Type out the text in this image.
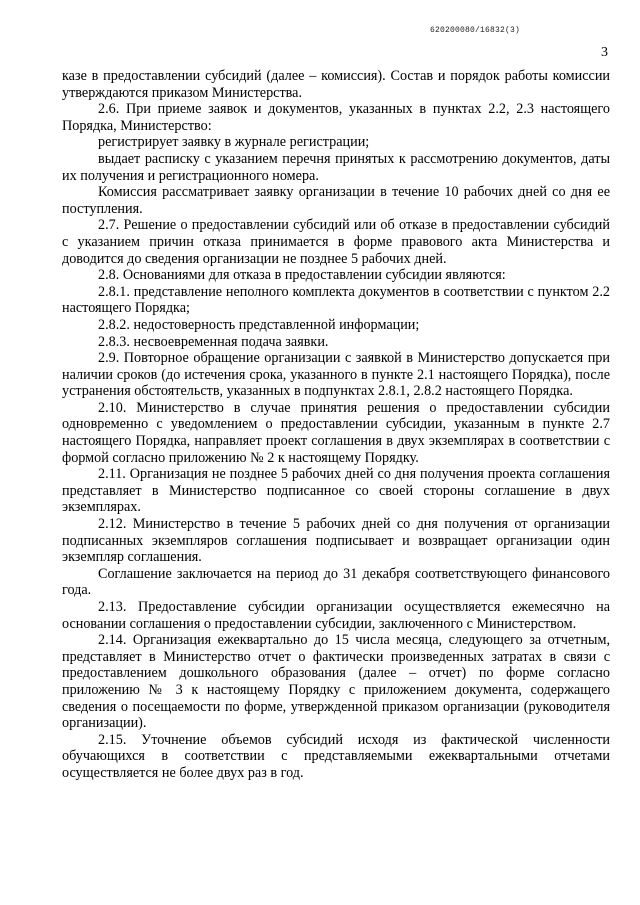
620200080/16832(3)
3

казе в предоставлении субсидий (далее – комиссия). Состав и порядок работы комиссии утверждаются приказом Министерства.

2.6. При приеме заявок и документов, указанных в пунктах 2.2, 2.3 настоящего Порядка, Министерство:

регистрирует заявку в журнале регистрации;

выдает расписку с указанием перечня принятых к рассмотрению документов, даты их получения и регистрационного номера.

Комиссия рассматривает заявку организации в течение 10 рабочих дней со дня ее поступления.

2.7. Решение о предоставлении субсидий или об отказе в предоставлении субсидий с указанием причин отказа принимается в форме правового акта Министерства и доводится до сведения организации не позднее 5 рабочих дней.

2.8. Основаниями для отказа в предоставлении субсидии являются:

2.8.1. представление неполного комплекта документов в соответствии с пунктом 2.2 настоящего Порядка;

2.8.2. недостоверность представленной информации;

2.8.3. несвоевременная подача заявки.

2.9. Повторное обращение организации с заявкой в Министерство допускается при наличии сроков (до истечения срока, указанного в пункте 2.1 настоящего Порядка), после устранения обстоятельств, указанных в подпунктах 2.8.1, 2.8.2 настоящего Порядка.

2.10. Министерство в случае принятия решения о предоставлении субсидии одновременно с уведомлением о предоставлении субсидии, указанным в пункте 2.7 настоящего Порядка, направляет проект соглашения в двух экземплярах в соответствии с формой согласно приложению № 2 к настоящему Порядку.

2.11. Организация не позднее 5 рабочих дней со дня получения проекта соглашения представляет в Министерство подписанное со своей стороны соглашение в двух экземплярах.

2.12. Министерство в течение 5 рабочих дней со дня получения от организации подписанных экземпляров соглашения подписывает и возвращает организации один экземпляр соглашения.

Соглашение заключается на период до 31 декабря соответствующего финансового года.

2.13. Предоставление субсидии организации осуществляется ежемесячно на основании соглашения о предоставлении субсидии, заключенного с Министерством.

2.14. Организация ежеквартально до 15 числа месяца, следующего за отчетным, представляет в Министерство отчет о фактически произведенных затратах в связи с предоставлением дошкольного образования (далее – отчет) по форме согласно приложению № 3 к настоящему Порядку с приложением документа, содержащего сведения о посещаемости по форме, утвержденной приказом организации (руководителя организации).

2.15. Уточнение объемов субсидий исходя из фактической численности обучающихся в соответствии с представляемыми ежеквартальными отчетами осуществляется не более двух раз в год.
